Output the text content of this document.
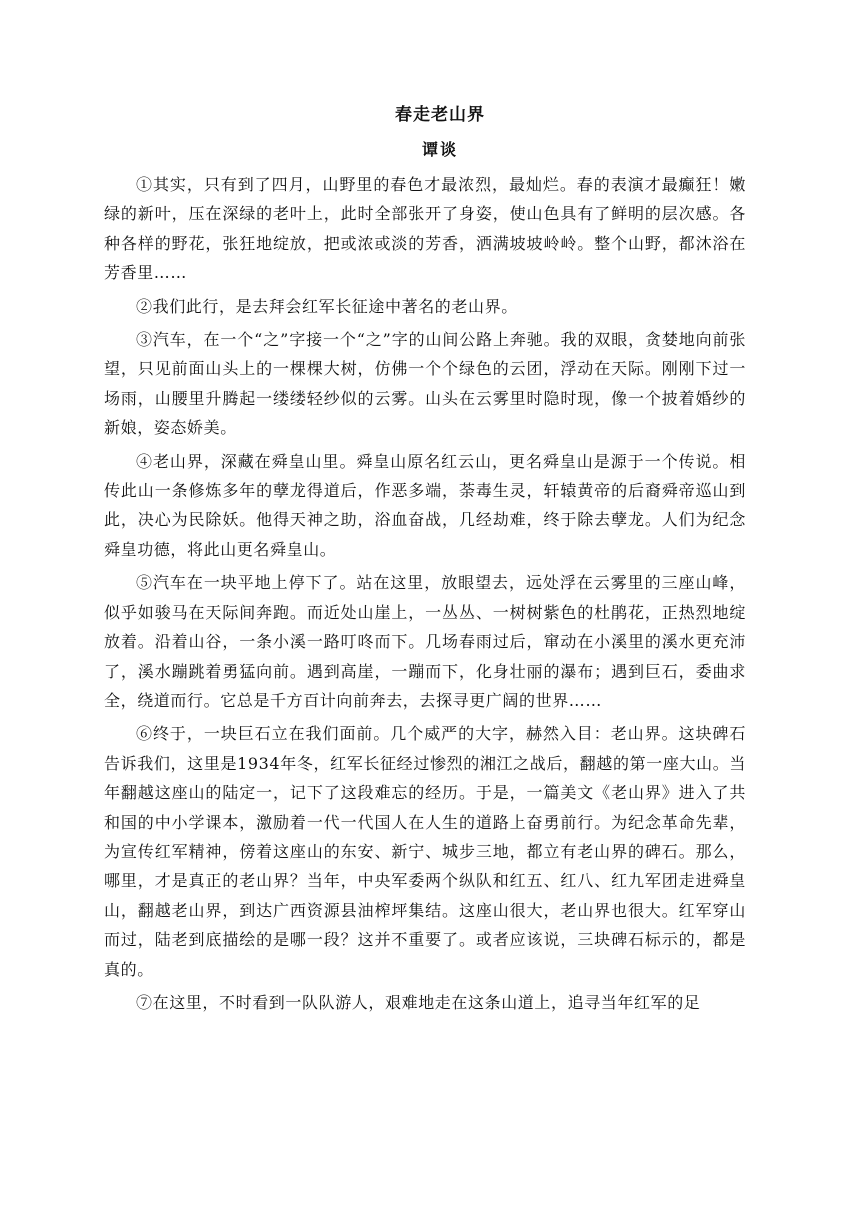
春走老山界
谭谈

①其实，只有到了四月，山野里的春色才最浓烈，最灿烂。春的表演才最癫狂！嫩绿的新叶，压在深绿的老叶上，此时全部张开了身姿，使山色具有了鲜明的层次感。各种各样的野花，张狂地绽放，把或浓或淡的芳香，洒满坡坡岭岭。整个山野，都沐浴在芳香里……

②我们此行，是去拜会红军长征途中著名的老山界。

③汽车，在一个“之”字接一个“之”字的山间公路上奔驰。我的双眼，贪婪地向前张望，只见前面山头上的一棵棵大树，仿佛一个个绿色的云团，浮动在天际。刚刚下过一场雨，山腰里升腾起一缕缕轻纱似的云雾。山头在云雾里时隐时现，像一个披着婚纱的新娘，姿态娇美。

④老山界，深藏在舜皇山里。舜皇山原名红云山，更名舜皇山是源于一个传说。相传此山一条修炼多年的孽龙得道后，作恶多端，荼毒生灵，轩辕黄帝的后裔舜帝巡山到此，决心为民除妖。他得天神之助，浴血奋战，几经劫难，终于除去孽龙。人们为纪念舜皇功德，将此山更名舜皇山。

⑤汽车在一块平地上停下了。站在这里，放眼望去，远处浮在云雾里的三座山峰，似乎如骏马在天际间奔跑。而近处山崖上，一丛丛、一树树紫色的杜鹃花，正热烈地绽放着。沿着山谷，一条小溪一路叮咚而下。几场春雨过后，窜动在小溪里的溪水更充沛了，溪水蹦跳着勇猛向前。遇到高崖，一蹦而下，化身壮丽的瀑布；遇到巨石，委曲求全，绕道而行。它总是千方百计向前奔去，去探寻更广阔的世界……

⑥终于，一块巨石立在我们面前。几个威严的大字，赫然入目：老山界。这块碑石告诉我们，这里是1934年冬，红军长征经过惨烈的湘江之战后，翻越的第一座大山。当年翻越这座山的陆定一，记下了这段难忘的经历。于是，一篇美文《老山界》进入了共和国的中小学课本，激励着一代一代国人在人生的道路上奋勇前行。为纪念革命先辈，为宣传红军精神，傍着这座山的东安、新宁、城步三地，都立有老山界的碑石。那么，哪里，才是真正的老山界？当年，中央军委两个纵队和红五、红八、红九军团走进舜皇山，翻越老山界，到达广西资源县油榨坪集结。这座山很大，老山界也很大。红军穿山而过，陆老到底描绘的是哪一段？这并不重要了。或者应该说，三块碑石标示的，都是真的。

⑦在这里，不时看到一队队游人，艰难地走在这条山道上，追寻当年红军的足
